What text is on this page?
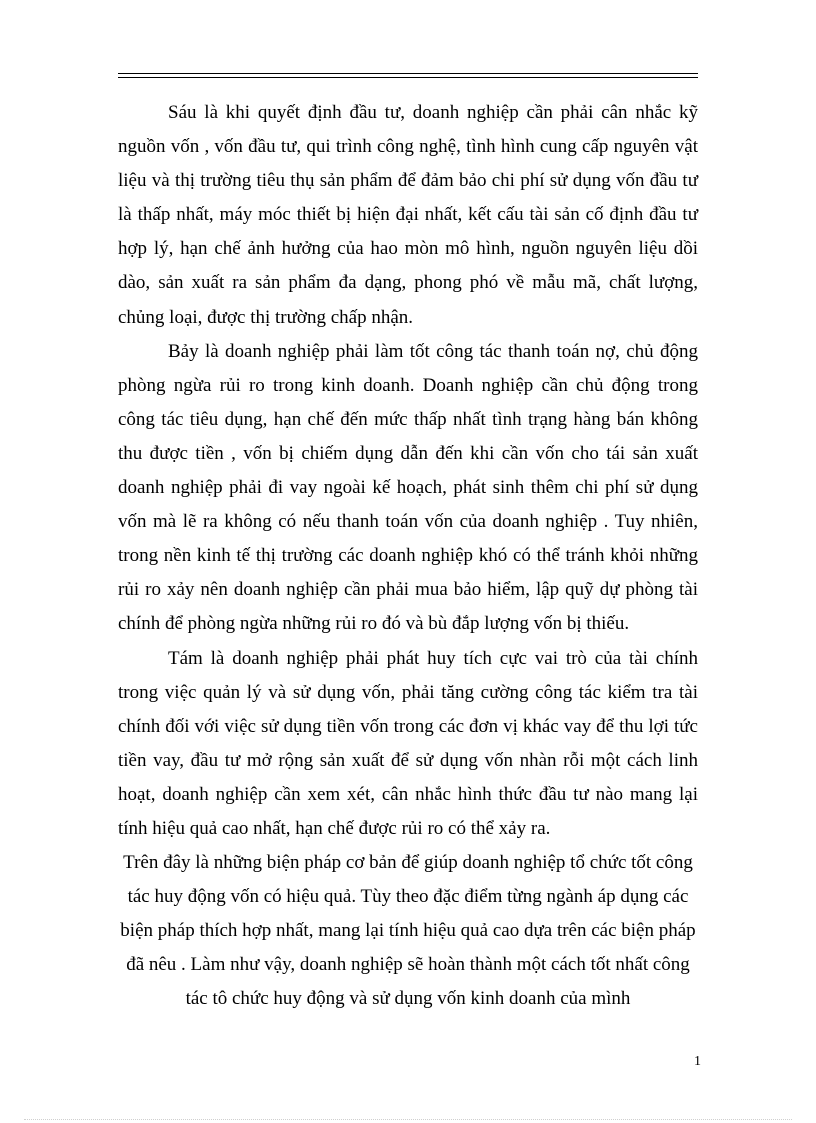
Sáu là khi quyết định đầu tư, doanh nghiệp cần phải cân nhắc kỹ nguồn vốn , vốn đầu tư, qui trình công nghệ, tình hình cung cấp nguyên vật liệu và thị trường tiêu thụ sản phẩm để đảm bảo chi phí sử dụng vốn đầu tư là thấp nhất, máy móc thiết bị hiện đại nhất, kết cấu tài sản cố định đầu tư hợp lý, hạn chế ảnh hưởng của hao mòn mô hình, nguồn nguyên liệu dồi dào, sản xuất ra sản phẩm đa dạng, phong phó về mẫu mã, chất lượng, chủng loại, được thị trường chấp nhận.

Bảy là doanh nghiệp phải làm tốt công tác thanh toán nợ, chủ động phòng ngừa rủi ro trong kinh doanh. Doanh nghiệp cần chủ động trong công tác tiêu dụng, hạn chế đến mức thấp nhất tình trạng hàng bán không thu được tiền , vốn bị chiếm dụng dẫn đến khi cần vốn cho tái sản xuất doanh nghiệp phải đi vay ngoài kế hoạch, phát sinh thêm chi phí sử dụng vốn mà lẽ ra không có nếu thanh toán vốn của doanh nghiệp . Tuy nhiên, trong nền kinh tế thị trường các doanh nghiệp khó có thể tránh khỏi những rủi ro xảy nên doanh nghiệp cần phải mua bảo hiểm, lập quỹ dự phòng tài chính để phòng ngừa những rủi ro đó và bù đắp lượng vốn bị thiếu.

Tám là doanh nghiệp phải phát huy tích cực vai trò của tài chính trong việc quản lý và sử dụng vốn, phải tăng cường công tác kiểm tra tài chính đối với việc sử dụng tiền vốn trong các đơn vị khác vay để thu lợi tức tiền vay, đầu tư mở rộng sản xuất để sử dụng vốn nhàn rỗi một cách linh hoạt, doanh nghiệp cần xem xét, cân nhắc hình thức đầu tư nào mang lại tính hiệu quả cao nhất, hạn chế được rủi ro có thể xảy ra.

Trên đây là những biện pháp cơ bản để giúp doanh nghiệp tổ chức tốt công tác huy động vốn có hiệu quả. Tùy theo đặc điểm từng ngành áp dụng các biện pháp thích hợp nhất, mang lại tính hiệu quả cao dựa trên các biện pháp đã nêu . Làm như vậy, doanh nghiệp sẽ hoàn thành một cách tốt nhất công tác tô chức huy động và sử dụng vốn kinh doanh của mình

1
